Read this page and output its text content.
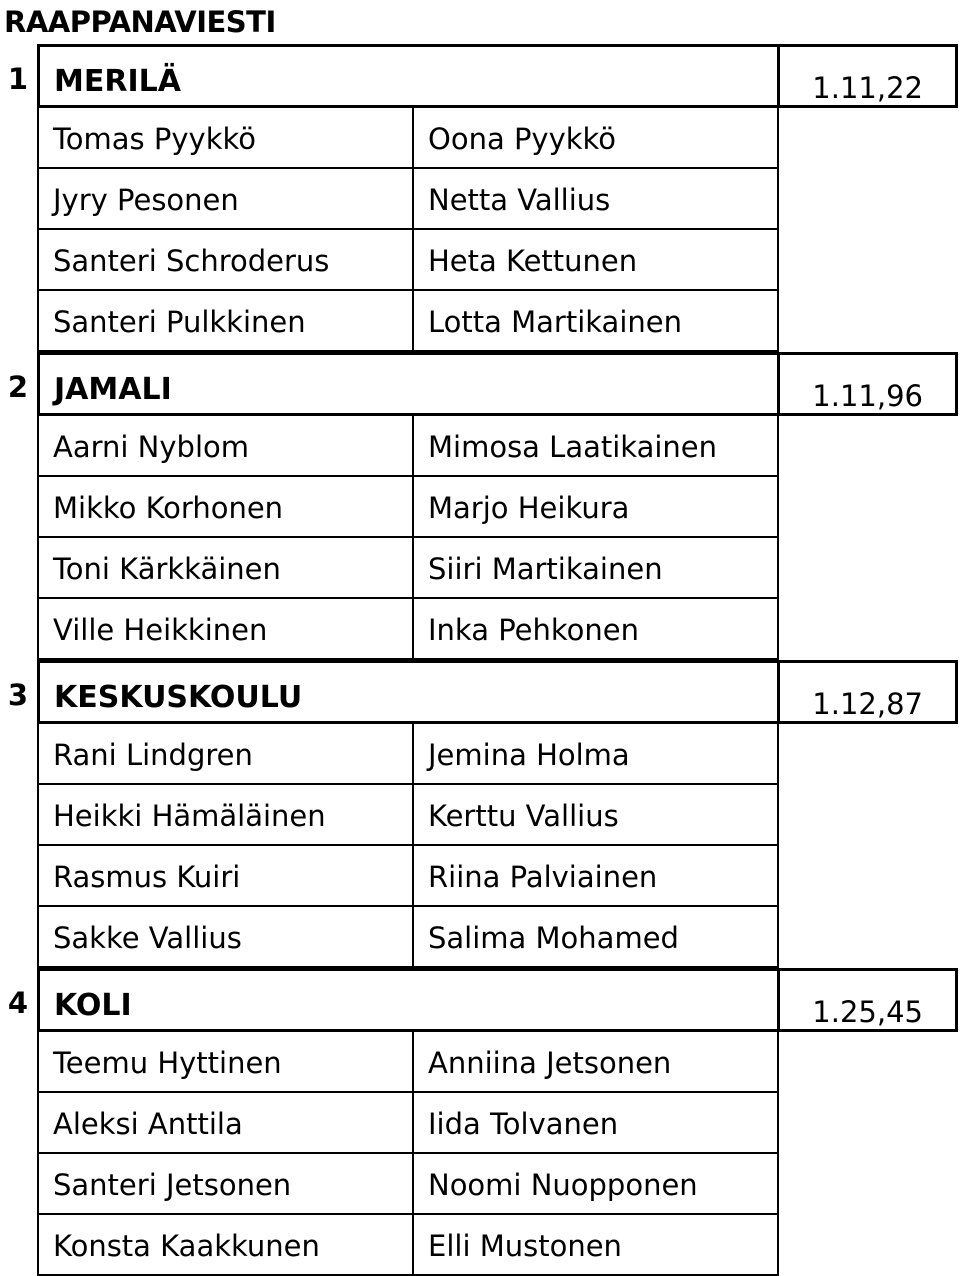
RAAPPANAVIESTI
1 MERILÄ	1.11,22
Tomas Pyykkö	Oona Pyykkö
Jyry Pesonen	Netta Vallius
Santeri Schroderus	Heta Kettunen
Santeri Pulkkinen	Lotta Martikainen
2 JAMALI	1.11,96
Aarni Nyblom	Mimosa Laatikainen
Mikko Korhonen	Marjo Heikura
Toni Kärkkäinen	Siiri Martikainen
Ville Heikkinen	Inka Pehkonen
3 KESKUSKOULU	1.12,87
Rani Lindgren	Jemina Holma
Heikki Hämäläinen	Kerttu Vallius
Rasmus Kuiri	Riina Palviainen
Sakke Vallius	Salima Mohamed
4 KOLI	1.25,45
Teemu Hyttinen	Anniina Jetsonen
Aleksi Anttila	Iida Tolvanen
Santeri Jetsonen	Noomi Nuopponen
Konsta Kaakkunen	Elli Mustonen
